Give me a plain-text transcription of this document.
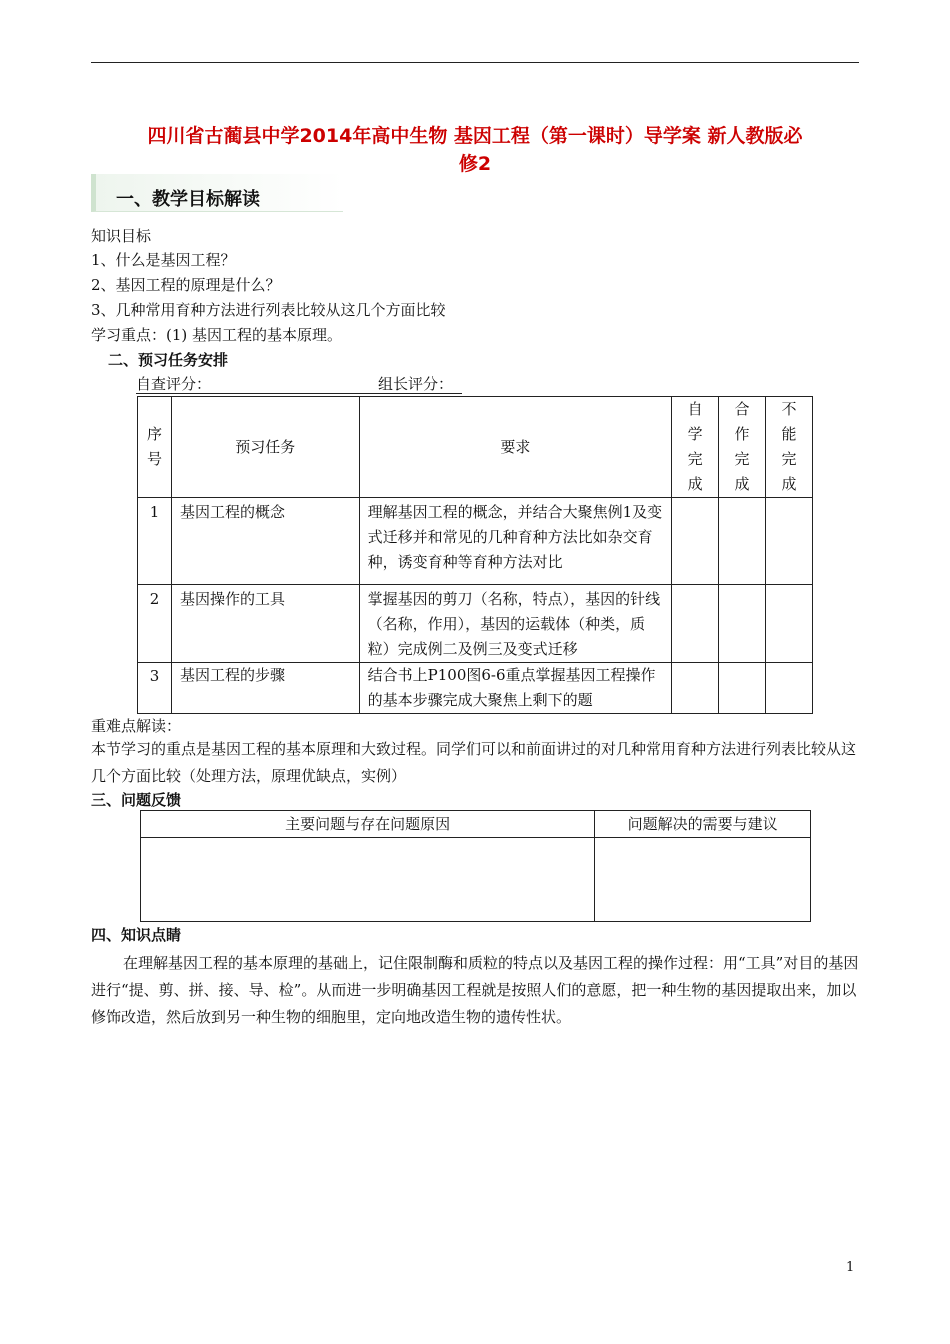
四川省古蔺县中学2014年高中生物 基因工程（第一课时）导学案 新人教版必
修2
一、教学目标解读
知识目标
1、什么是基因工程？
2、基因工程的原理是什么？
3、几种常用育种方法进行列表比较从这几个方面比较
学习重点：(1) 基因工程的基本原理。
二、预习任务安排
自查评分：	组长评分：
序
号	预习任务	要求	自
学
完
成	合
作
完
成	不
能
完
成

1	基因工程的概念	理解基因工程的概念，并结合大聚焦例1及变式迁移并和常见的几种育种方法比如杂交育种，诱变育种等育种方法对比			
2	基因操作的工具	掌握基因的剪刀（名称，特点），基因的针线（名称，作用），基因的运载体（种类，质粒）完成例二及例三及变式迁移			
3	基因工程的步骤	结合书上P100图6-6重点掌握基因工程操作的基本步骤完成大聚焦上剩下的题			
重难点解读：
本节学习的重点是基因工程的基本原理和大致过程。同学们可以和前面讲过的对几种常用育种方法进行列表比较从这几个方面比较（处理方法，原理优缺点，实例）
三、问题反馈
主要问题与存在问题原因	问题解决的需要与建议

四、知识点睛
在理解基因工程的基本原理的基础上，记住限制酶和质粒的特点以及基因工程的操作过程：用“工具”对目的基因进行“提、剪、拼、接、导、检”。从而进一步明确基因工程就是按照人们的意愿，把一种生物的基因提取出来，加以修饰改造，然后放到另一种生物的细胞里，定向地改造生物的遗传性状。
1
